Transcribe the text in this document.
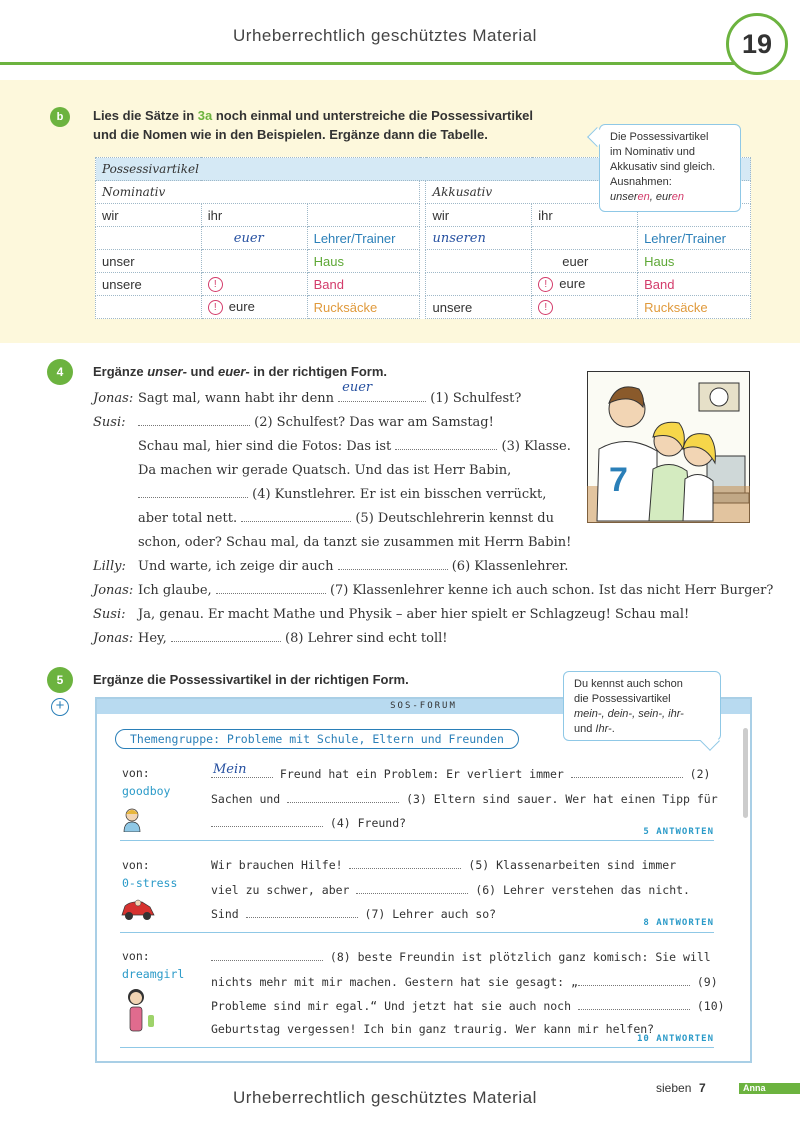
Urheberrechtlich geschütztes Material	19
b	Lies die Sätze in 3a noch einmal und unterstreiche die Possessivartikel
und die Nomen wie in den Beispielen. Ergänze dann die Tabelle.
Possessivartikel						
Nominativ				Akkusativ		
wir	ihr			wir	ihr	
	euer	Lehrer/Trainer		unseren		Lehrer/Trainer
unser		Haus			euer	Haus
unsere	!	Band			! eure	Band
	! eure	Rucksäcke		unsere	!	Rucksäcke
Die Possessivartikel
im Nominativ und
Akkusativ sind gleich.
Ausnahmen:
unseren, euren
4	Ergänze unser- und euer- in der richtigen Form.
7
Jonas: Sagt mal, wann habt ihr denn
euer
(1) Schulfest?
Susi:	(2) Schulfest? Das war am Samstag!
Schau mal, hier sind die Fotos: Das ist	(3) Klasse.
Da machen wir gerade Quatsch. Und das ist Herr Babin,
(4) Kunstlehrer. Er ist ein bisschen verrückt,
aber total nett.	(5) Deutschlehrerin kennst du
schon, oder? Schau mal, da tanzt sie zusammen mit Herrn Babin!
Lilly: Und warte, ich zeige dir auch	(6) Klassenlehrer.
Jonas: Ich glaube,	(7) Klassenlehrer kenne ich auch schon. Ist das nicht Herr Burger?
Susi: Ja, genau. Er macht Mathe und Physik – aber hier spielt er Schlagzeug! Schau mal!
Jonas: Hey,	(8) Lehrer sind echt toll!
5
+
Ergänze die Possessivartikel in der richtigen Form.
SOS-FORUM
Themengruppe: Probleme mit Schule, Eltern und Freunden
von:
goodboy
Mein Freund hat ein Problem: Er verliert immer	(2)
Sachen und	(3) Eltern sind sauer. Wer hat einen Tipp für
(4) Freund?
5 ANTWORTEN
von:
0-stress
Wir brauchen Hilfe!	(5) Klassenarbeiten sind immer
viel zu schwer, aber	(6) Lehrer verstehen das nicht.
Sind	(7) Lehrer auch so?
8 ANTWORTEN
von:
dreamgirl
(8) beste Freundin ist plötzlich ganz komisch: Sie will
nichts mehr mit mir machen. Gestern hat sie gesagt: „	(9)
Probleme sind mir egal.“ Und jetzt hat sie auch noch	(10)
Geburtstag vergessen! Ich bin ganz traurig. Wer kann mir helfen?
10 ANTWORTEN
Du kennst auch schon
die Possessivartikel
mein-, dein-, sein-, ihr-
und Ihr-.
Urheberrechtlich geschütztes Material	sieben 7	Anna
